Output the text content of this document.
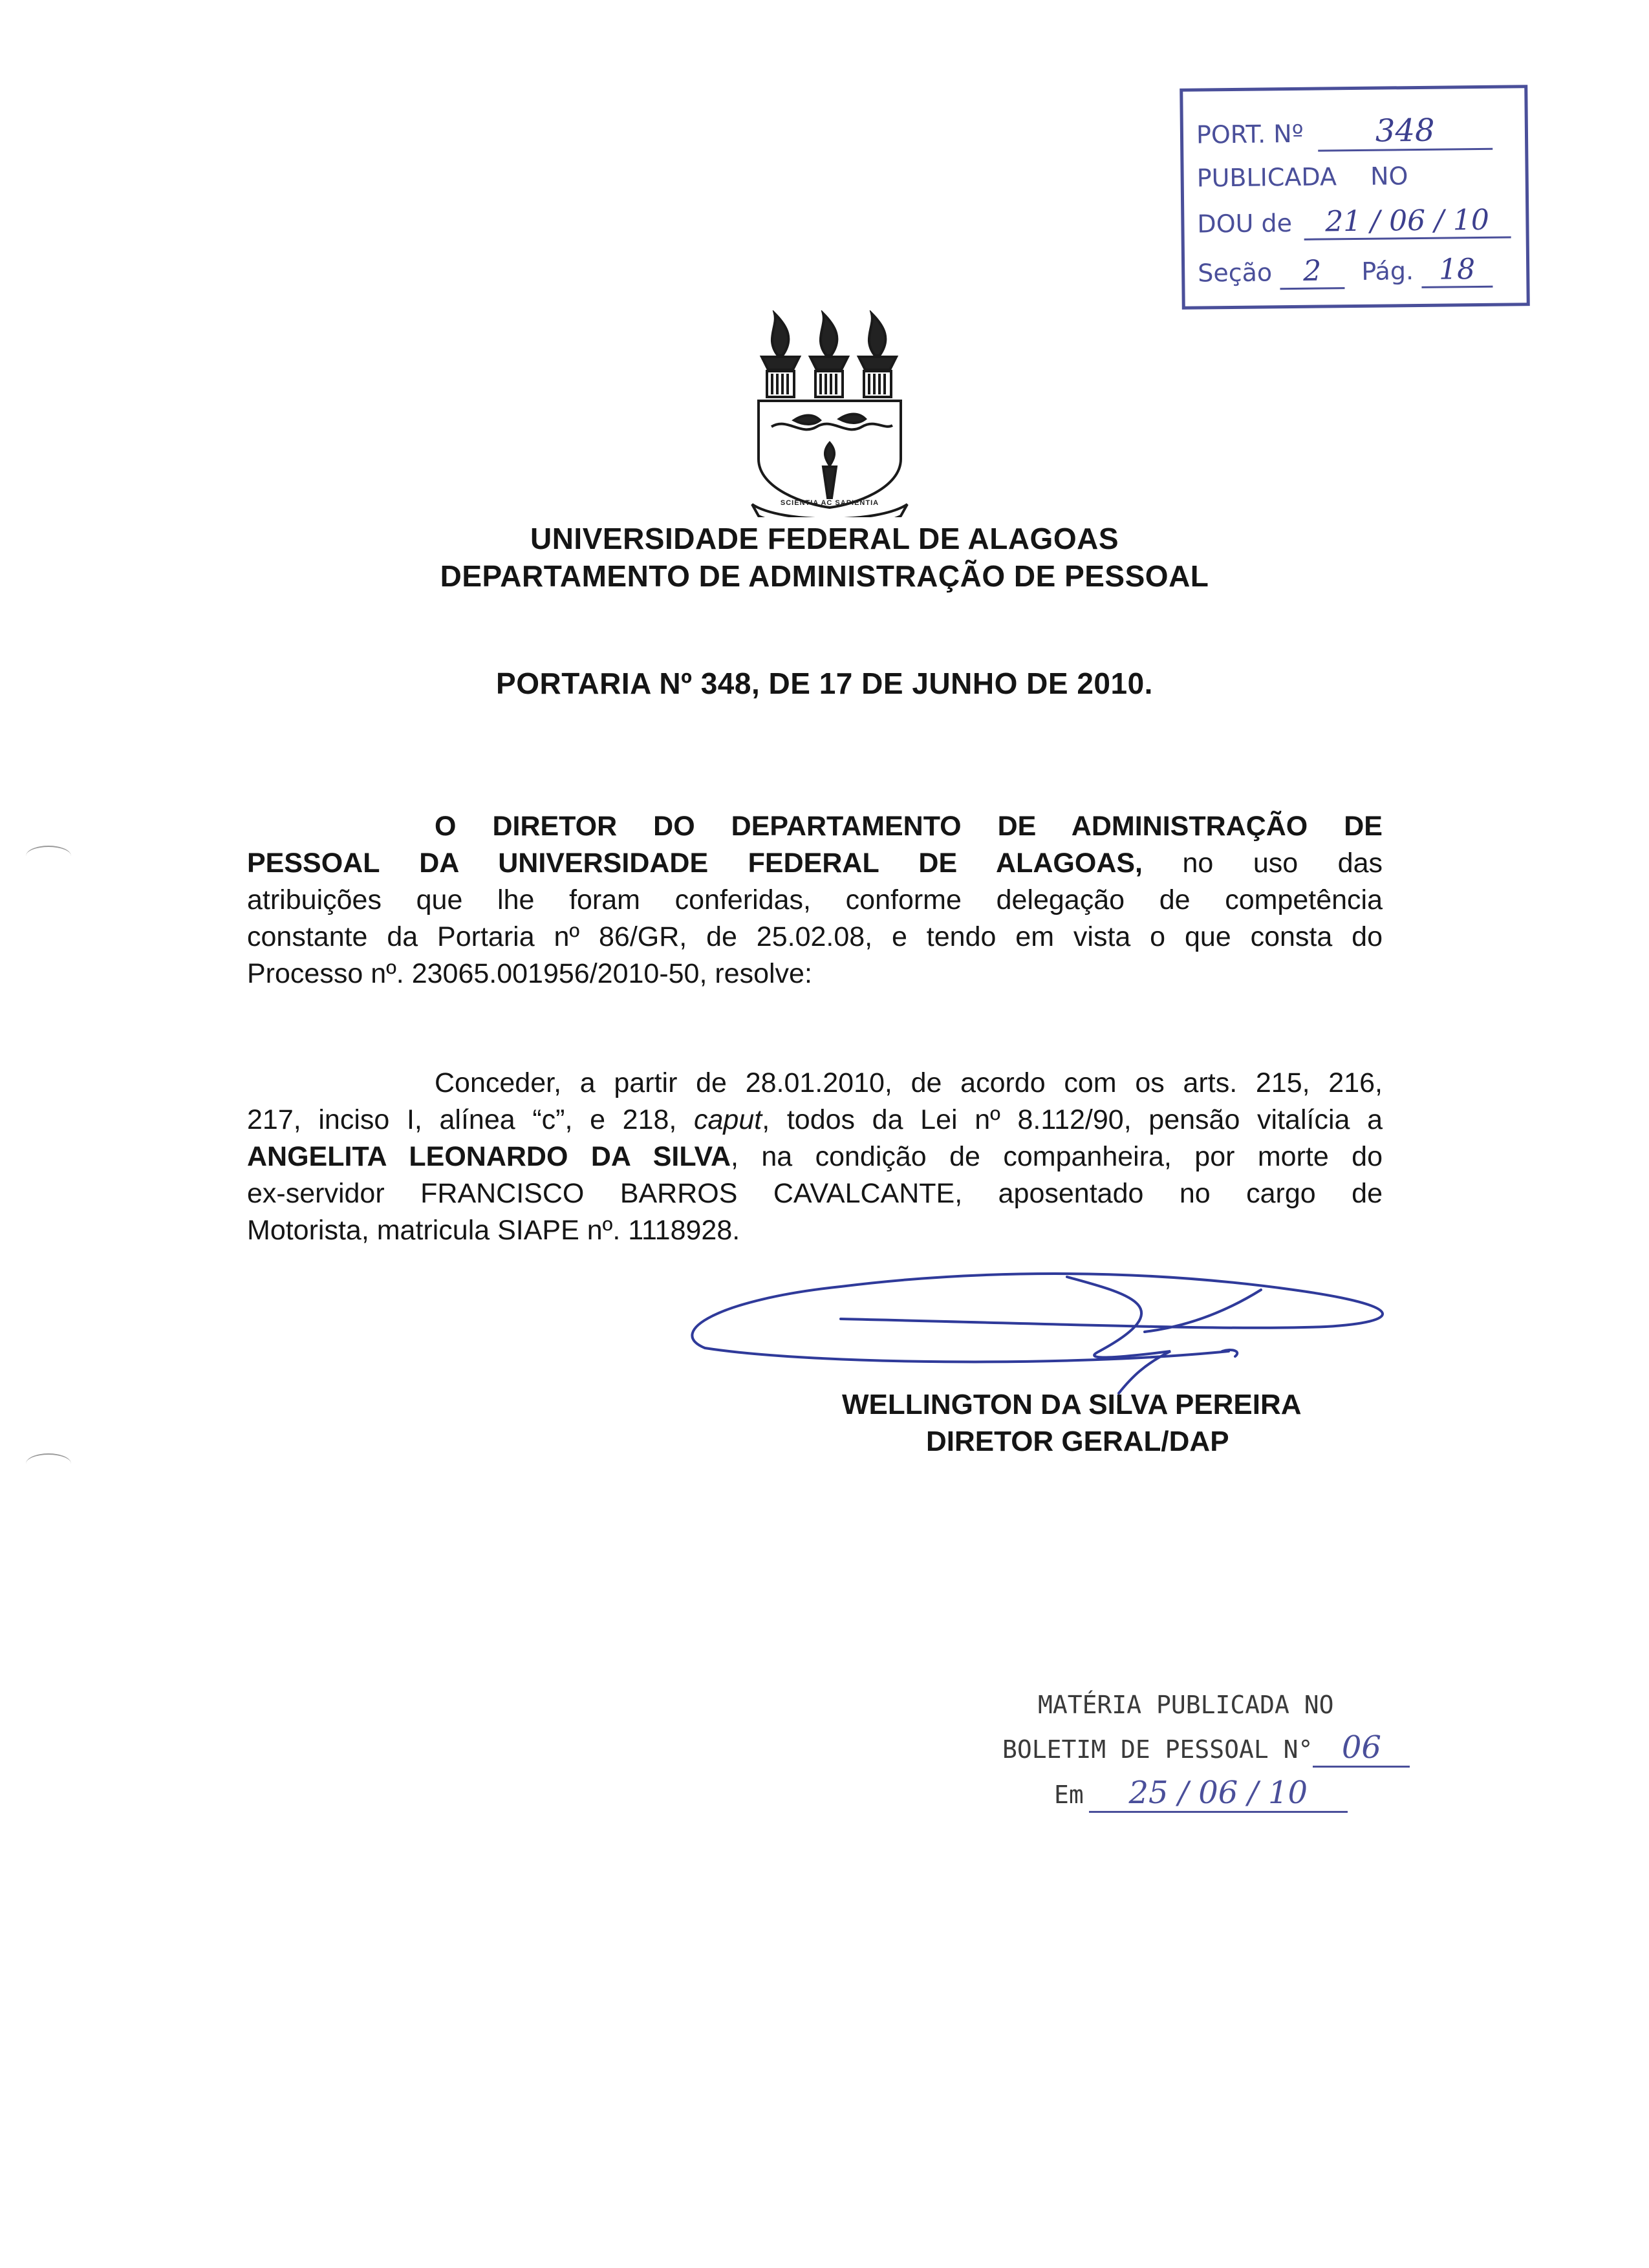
PORT. Nº 348
PUBLICADA NO
DOU de 21 / 06 / 10
Seção 2 Pág. 18
SCIENTIA AC SAPIENTIA
UNIVERSIDADE FEDERAL DE ALAGOAS
DEPARTAMENTO DE ADMINISTRAÇÃO DE PESSOAL
PORTARIA Nº 348, DE 17 DE JUNHO DE 2010.
O DIRETOR DO DEPARTAMENTO DE ADMINISTRAÇÃO DE
PESSOAL DA UNIVERSIDADE FEDERAL DE ALAGOAS, no uso das
atribuições que lhe foram conferidas, conforme delegação de competência
constante da Portaria nº 86/GR, de 25.02.08, e tendo em vista o que consta do
Processo nº. 23065.001956/2010-50, resolve:
Conceder, a partir de 28.01.2010, de acordo com os arts. 215, 216,
217, inciso I, alínea “c”, e 218, caput, todos da Lei nº 8.112/90, pensão vitalícia a
ANGELITA LEONARDO DA SILVA, na condição de companheira, por morte do
ex-servidor FRANCISCO BARROS CAVALCANTE, aposentado no cargo de
Motorista, matricula SIAPE nº. 1118928.
WELLINGTON DA SILVA PEREIRA
DIRETOR GERAL/DAP
MATÉRIA PUBLICADA NO
BOLETIM DE PESSOAL N° 06
Em 25 / 06 / 10
